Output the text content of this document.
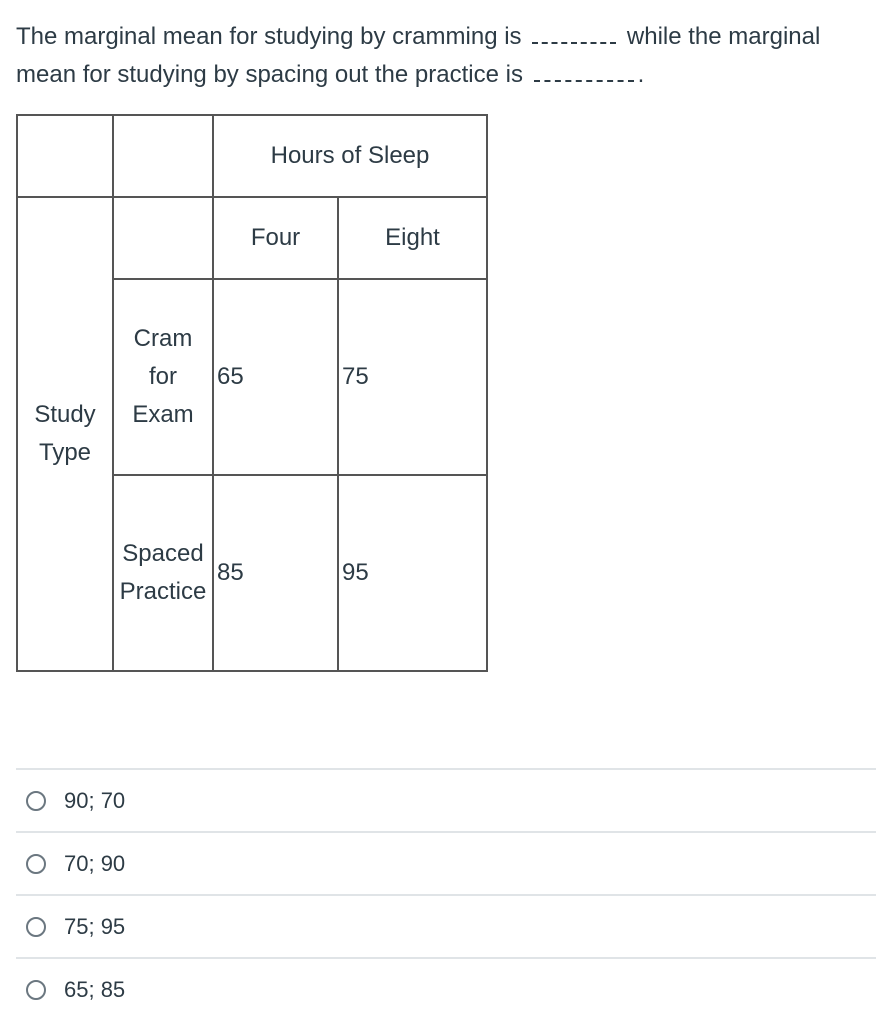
The marginal mean for studying by cramming is	while the marginal mean for studying by spacing out the practice is	.
		Hours of Sleep	

Study
Type		Four	Eight

	Cram
for
Exam	65	75

	Spaced
Practice	85	95
90; 70
70; 90
75; 95
65; 85
